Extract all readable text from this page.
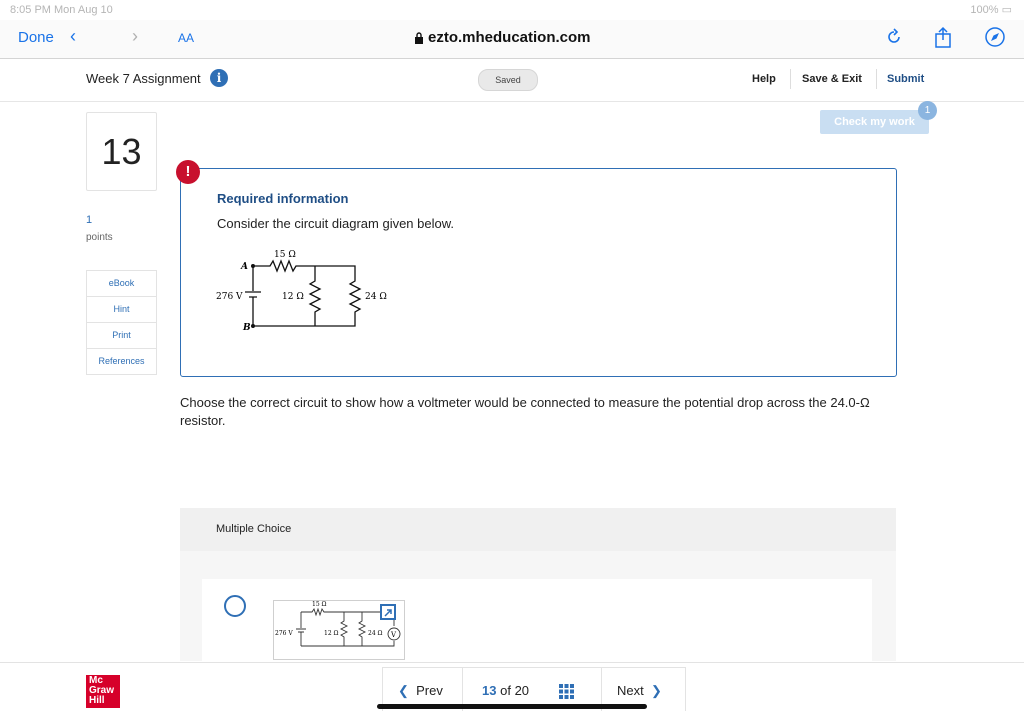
8:05 PM Mon Aug 10	100% ▭
Done ‹	›	AA	ezto.mheducation.com
Week 7 Assignment	i	Saved	Help Save & Exit Submit
13
1
points
eBook
Hint
Print
References
Check my work
1
!
Required information
Consider the circuit diagram given below.
A
B
15 Ω
12 Ω	24 Ω
276 V
Choose the correct circuit to show how a voltmeter would be connected to measure the potential drop across the 24.0-Ω resistor.
Multiple Choice
V
15 Ω
12 Ω	24 Ω
276 V
Mc
Graw
Hill
❮ Prev	13 of 20	Next ❯
